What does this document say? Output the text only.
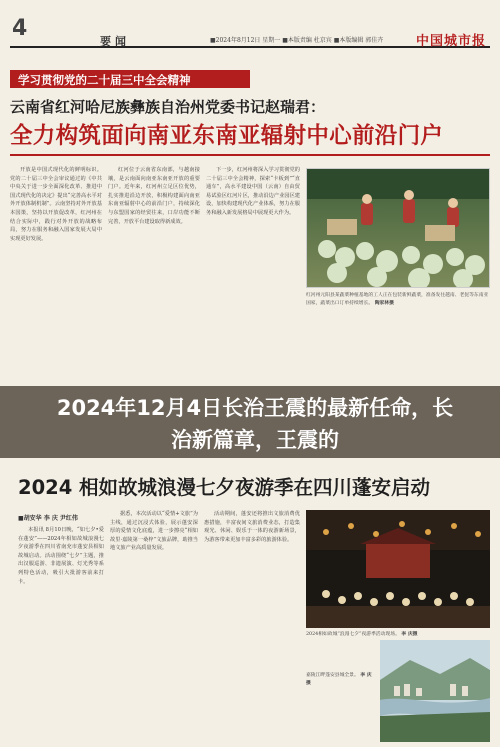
4
要闻	■2024年8月12日 星期一 ■本版责编 杜京宾 ■本版编辑 郭佳卉	中国城市报
学习贯彻党的二十届三中全会精神
云南省红河哈尼族彝族自治州党委书记赵瑞君：
全力构筑面向南亚东南亚辐射中心前沿门户

开放是中国式现代化的鲜明标识。党的二十届三中全会审议通过的《中共中央关于进一步全面深化改革、推进中国式现代化的决定》提出“完善高水平对外开放体制机制”。云南坚持对外开放基本国策，坚持以开放促改革，红河州在结合实际中，践行对外开放的战略布局，努力在服务和融入国家发展大局中实现更好发展。

红河位于云南省东南部，与越南接壤，是云南面向南亚东南亚开放的重要门户。近年来，红河州立足区位优势，扎实推进沿边开放，积极构建面向南亚东南亚辐射中心的前沿门户，持续深化与东盟国家的经贸往来，口岸功能不断完善，开放平台建设取得新成效。

下一步，红河州将深入学习贯彻党的二十届三中全会精神，探索“卡板到”“直通车”，高水平建设中国（云南）自由贸易试验区红河片区，推动沿边产业园区建设，加快构建现代化产业体系，努力在服务和融入新发展格局中展现更大作为。

红河州元阳县某蔬菜种植基地的工人正在包装新鲜蔬菜，准备发往越南、老挝等东南亚国家，蔬菜出口订单持续增长。 陶家林摄
2024年12月4日长治王震的最新任命，长治新篇章，王震的
2024 相如故城浪漫七夕夜游季在四川蓬安启动
■胡安华 李 庆 尹红伟

本报讯 8月10日晚，“如七夕•爱在蓬安”——2024年相如故城浪漫七夕夜游季在四川省南充市蓬安县相如故城启动。活动围绕“七夕”主题，推出汉服巡游、非遗展演、灯光秀等系列特色活动，吸引大批游客前来打卡。

据悉，本次活动以“爱情+文旅”为主线，通过沉浸式体验，展示蓬安深厚的爱情文化底蕴，进一步擦亮“相如故里·嘉陵第一桑梓”文旅品牌，助推当地文旅产业高质量发展。

活动期间，蓬安还将推出文旅消费优惠措施，丰富夜间文旅消费业态，打造集观光、休闲、娱乐于一体的夜游新场景，为游客带来更加丰富多彩的旅游体验。

2024相如故城“浪漫七夕”夜游季活动现场。 李 庆摄
嘉陵江畔蓬安县城全景。 李 庆摄
